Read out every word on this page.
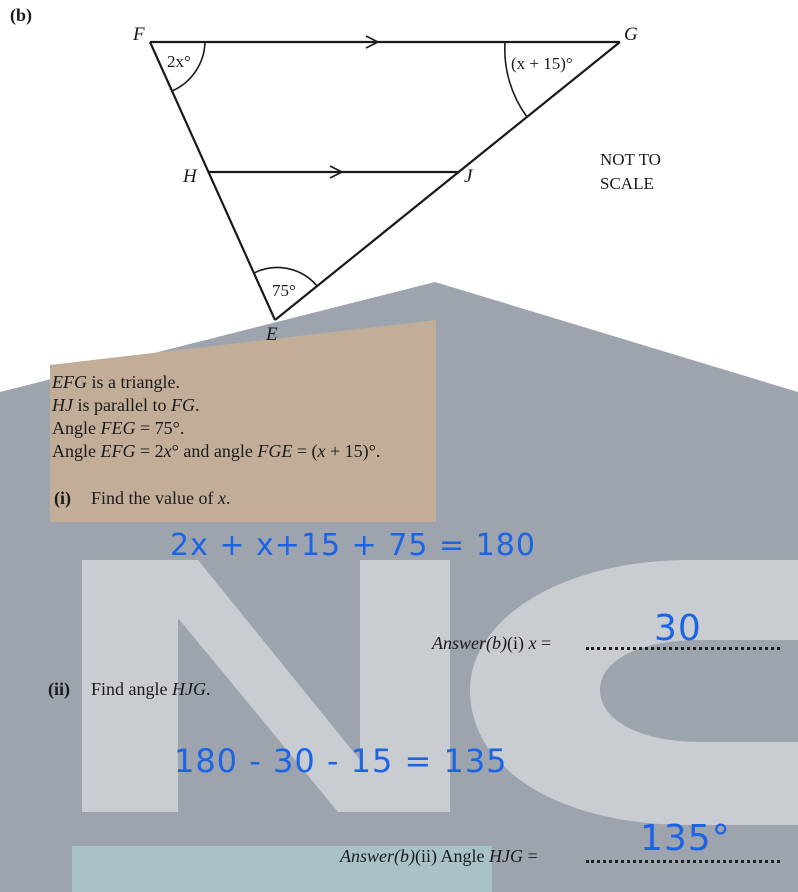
F	G
H	J
E
2x°	(x + 15)°
75°
NOT TO
SCALE
(b)
EFG is a triangle.
HJ is parallel to FG.
Angle FEG = 75°.
Angle EFG = 2x° and angle FGE = (x + 15)°.
(i) Find the value of x.
2x + x+15 + 75 = 180
Answer(b)(i) x =	30
(ii) Find angle HJG.
180 - 30 - 15 = 135
Answer(b)(ii) Angle HJG =	135°
